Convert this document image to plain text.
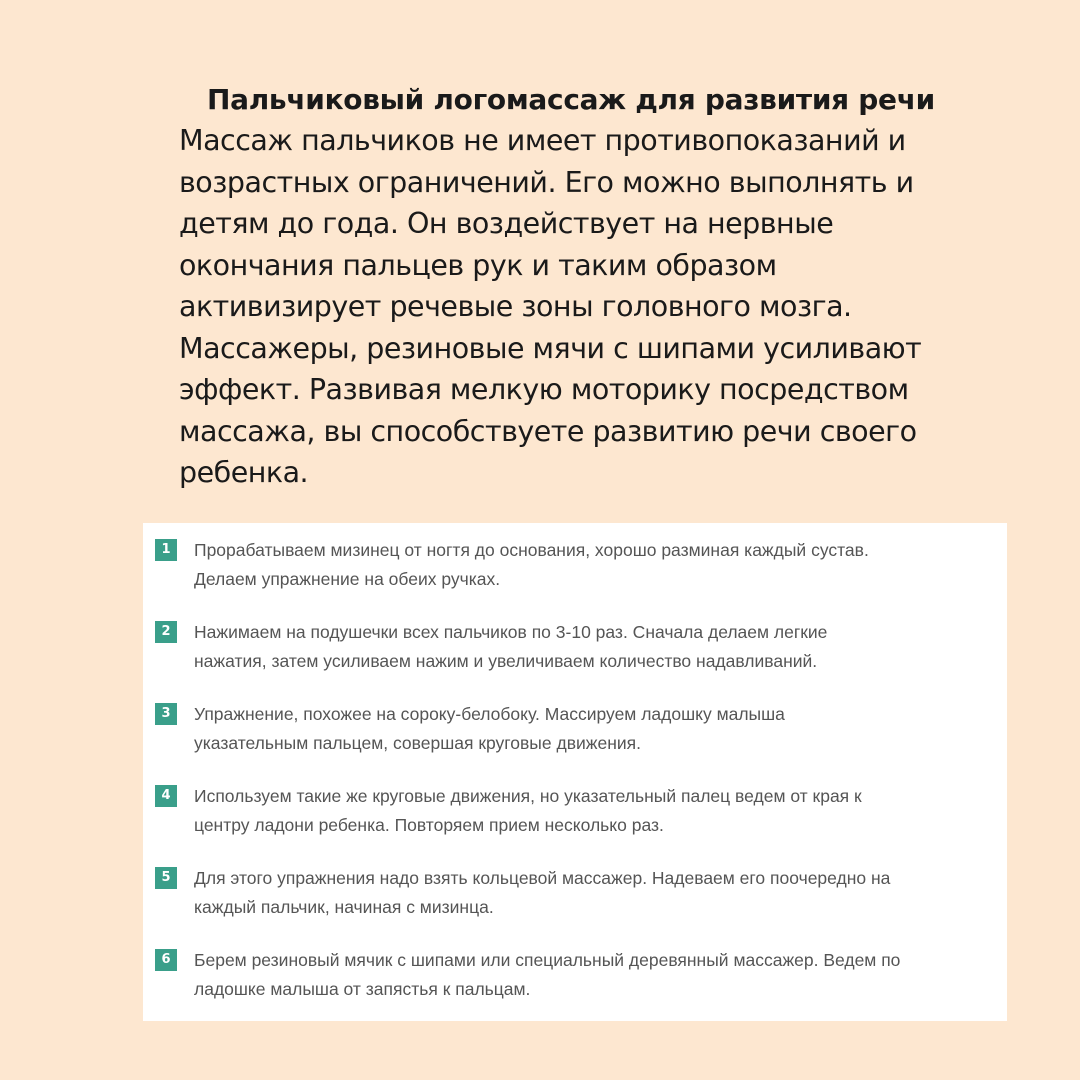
Пальчиковый логомассаж для развития речи

Массаж пальчиков не имеет противопоказаний и возрастных ограничений. Его можно выполнять и детям до года. Он воздействует на нервные окончания пальцев рук и таким образом активизирует речевые зоны головного мозга. Массажеры, резиновые мячи с шипами усиливают эффект. Развивая мелкую моторику посредством массажа, вы способствуете развитию речи своего ребенка.

1	Прорабатываем мизинец от ногтя до основания, хорошо разминая каждый сустав.
Делаем упражнение на обеих ручках.
2	Нажимаем на подушечки всех пальчиков по 3-10 раз. Сначала делаем легкие
нажатия, затем усиливаем нажим и увеличиваем количество надавливаний.
3	Упражнение, похожее на сороку-белобоку. Массируем ладошку малыша
указательным пальцем, совершая круговые движения.
4	Используем такие же круговые движения, но указательный палец ведем от края к
центру ладони ребенка. Повторяем прием несколько раз.
5	Для этого упражнения надо взять кольцевой массажер. Надеваем его поочередно на
каждый пальчик, начиная с мизинца.
6	Берем резиновый мячик с шипами или специальный деревянный массажер. Ведем по
ладошке малыша от запястья к пальцам.
